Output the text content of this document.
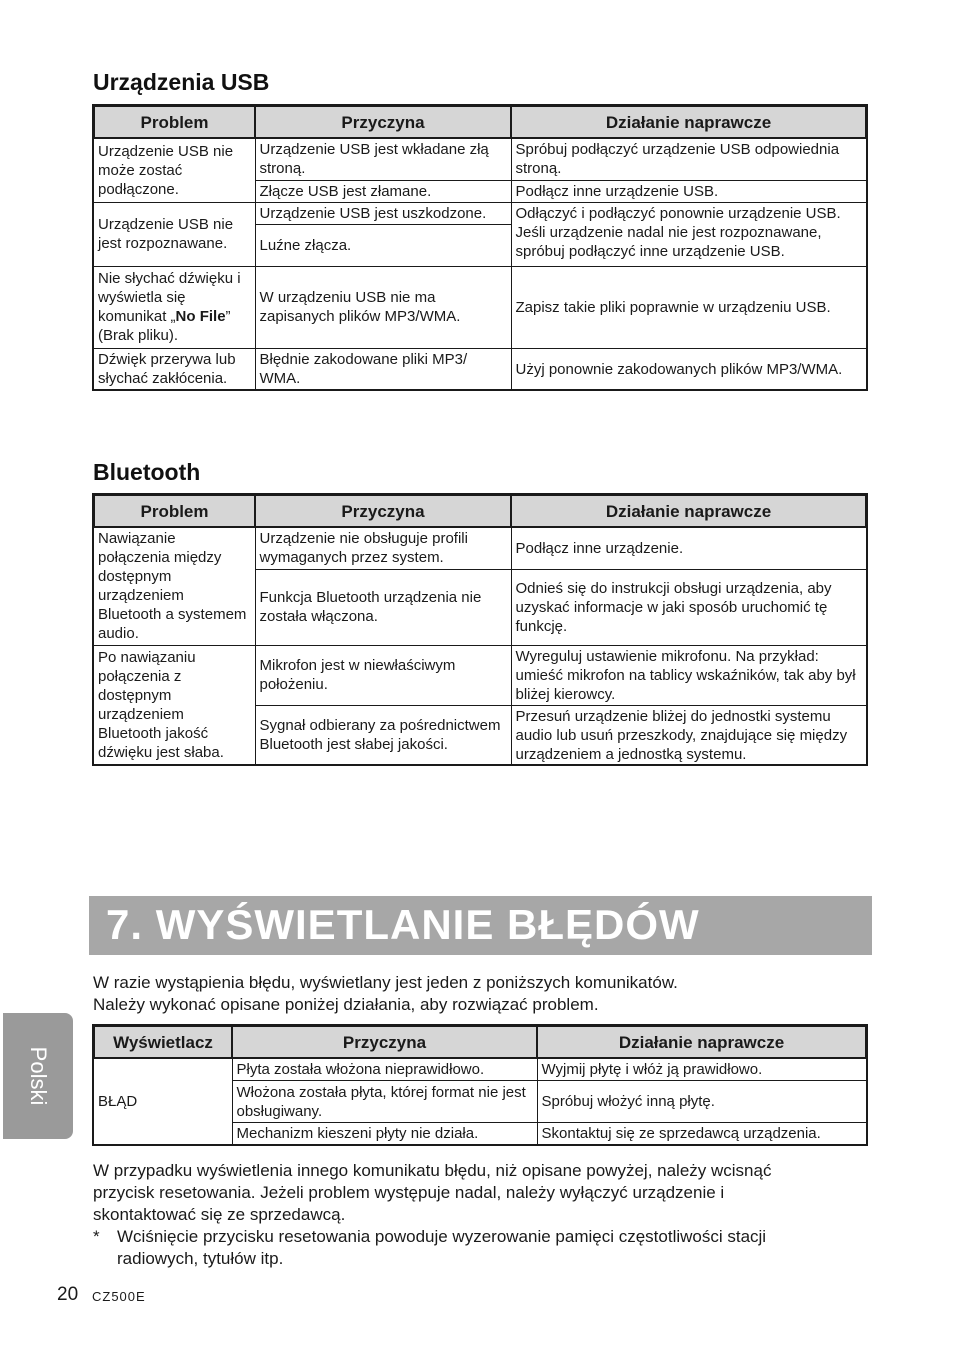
Urządzenia USB
Problem	Przyczyna	Działanie naprawcze
Urządzenie USB nie może zostać podłączone.	Urządzenie USB jest wkładane złą stroną.	Spróbuj podłączyć urządzenie USB odpowiednia stroną.
	Złącze USB jest złamane.	Podłącz inne urządzenie USB.
Urządzenie USB nie jest rozpoznawane.	Urządzenie USB jest uszkodzone.	Odłączyć i podłączyć ponownie urządzenie USB. Jeśli urządzenie nadal nie jest rozpoznawane, spróbuj podłączyć inne urządzenie USB.
	Luźne złącza.	
Nie słychać dźwięku i wyświetla się komunikat „No File” (Brak pliku).	W urządzeniu USB nie ma zapisanych plików MP3/WMA.	Zapisz takie pliki poprawnie w urządzeniu USB.
Dźwięk przerywa lub słychać zakłócenia.	Błędnie zakodowane pliki MP3/ WMA.	Użyj ponownie zakodowanych plików MP3/WMA.
Bluetooth
Problem	Przyczyna	Działanie naprawcze
Nawiązanie połączenia między dostępnym urządzeniem Bluetooth a systemem audio.	Urządzenie nie obsługuje profili wymaganych przez system.	Podłącz inne urządzenie.
	Funkcja Bluetooth urządzenia nie została włączona.	Odnieś się do instrukcji obsługi urządzenia, aby uzyskać informacje w jaki sposób uruchomić tę funkcję.
Po nawiązaniu połączenia z dostępnym urządzeniem Bluetooth jakość dźwięku jest słaba.	Mikrofon jest w niewłaściwym położeniu.	Wyreguluj ustawienie mikrofonu. Na przykład: umieść mikrofon na tablicy wskaźników, tak aby był bliżej kierowcy.
	Sygnał odbierany za pośrednictwem Bluetooth jest słabej jakości.	Przesuń urządzenie bliżej do jednostki systemu audio lub usuń przeszkody, znajdujące się między urządzeniem a jednostką systemu.
7. WYŚWIETLANIE BŁĘDÓW
W razie wystąpienia błędu, wyświetlany jest jeden z poniższych komunikatów.
Należy wykonać opisane poniżej działania, aby rozwiązać problem.
Wyświetlacz	Przyczyna	Działanie naprawcze
BŁĄD	Płyta została włożona nieprawidłowo.	Wyjmij płytę i włóż ją prawidłowo.
	Włożona została płyta, której format nie jest obsługiwany.	Spróbuj włożyć inną płytę.
	Mechanizm kieszeni płyty nie działa.	Skontaktuj się ze sprzedawcą urządzenia.
W przypadku wyświetlenia innego komunikatu błędu, niż opisane powyżej, należy wcisnąć przycisk resetowania. Jeżeli problem występuje nadal, należy wyłączyć urządzenie i skontaktować się ze sprzedawcą.
* Wciśnięcie przycisku resetowania powoduje wyzerowanie pamięci częstotliwości stacji radiowych, tytułów itp.
Polski
20 CZ500E
